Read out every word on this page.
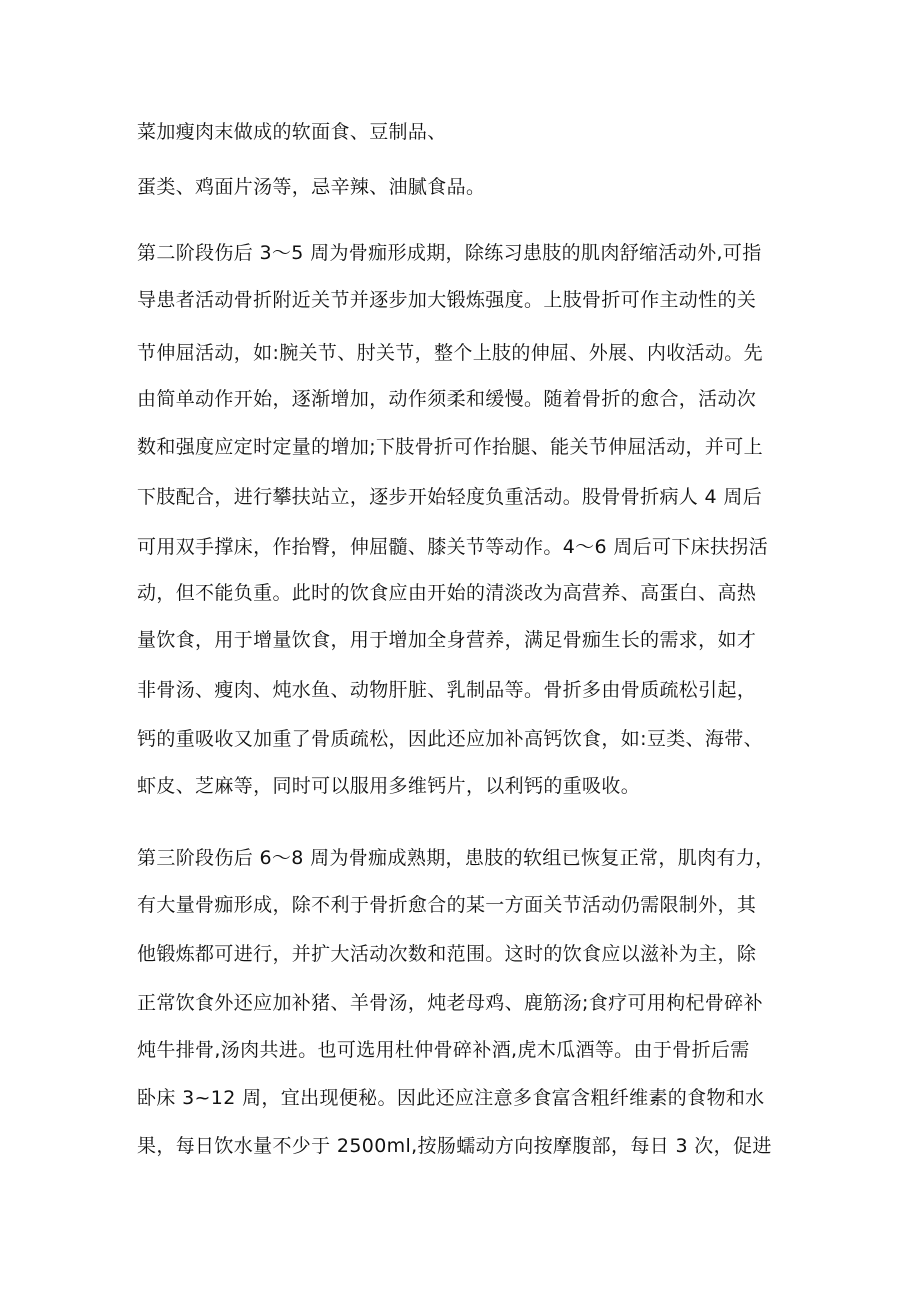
菜加瘦肉末做成的软面食、豆制品、
蛋类、鸡面片汤等，忌辛辣、油腻食品。
第二阶段伤后 3～5 周为骨痂形成期，除练习患肢的肌肉舒缩活动外,可指
导患者活动骨折附近关节并逐步加大锻炼强度。上肢骨折可作主动性的关
节伸屈活动，如:腕关节、肘关节，整个上肢的伸屈、外展、内收活动。先
由简单动作开始，逐渐增加，动作须柔和缓慢。随着骨折的愈合，活动次
数和强度应定时定量的增加;下肢骨折可作抬腿、能关节伸屈活动，并可上
下肢配合，进行攀扶站立，逐步开始轻度负重活动。股骨骨折病人 4 周后
可用双手撑床，作抬臀，伸屈髓、膝关节等动作。4～6 周后可下床扶拐活
动，但不能负重。此时的饮食应由开始的清淡改为高营养、高蛋白、高热
量饮食，用于增量饮食，用于增加全身营养，满足骨痂生长的需求，如才
非骨汤、瘦肉、炖水鱼、动物肝脏、乳制品等。骨折多由骨质疏松引起，
钙的重吸收又加重了骨质疏松，因此还应加补高钙饮食，如:豆类、海带、
虾皮、芝麻等，同时可以服用多维钙片，以利钙的重吸收。
第三阶段伤后 6～8 周为骨痂成熟期，患肢的软组已恢复正常，肌肉有力，
有大量骨痂形成，除不利于骨折愈合的某一方面关节活动仍需限制外，其
他锻炼都可进行，并扩大活动次数和范围。这时的饮食应以滋补为主，除
正常饮食外还应加补猪、羊骨汤，炖老母鸡、鹿筋汤;食疗可用枸杞骨碎补
炖牛排骨,汤肉共进。也可选用杜仲骨碎补酒,虎木瓜酒等。由于骨折后需
卧床 3~12 周，宜出现便秘。因此还应注意多食富含粗纤维素的食物和水
果，每日饮水量不少于 2500ml,按肠蠕动方向按摩腹部，每日 3 次，促进
